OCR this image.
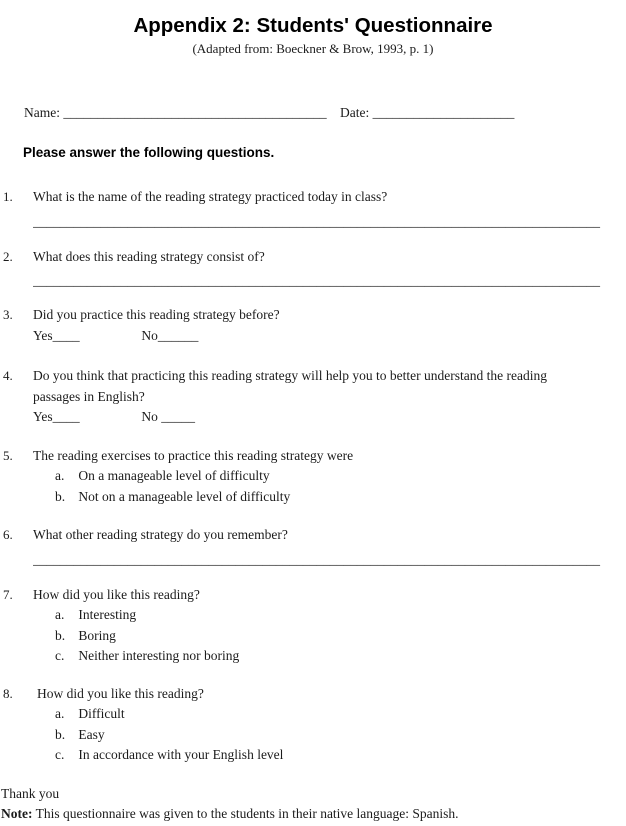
Appendix 2: Students' Questionnaire
(Adapted from: Boeckner & Brow, 1993, p. 1)
Name: _______________________________________ Date: _____________________
Please answer the following questions.
1.	What is the name of the reading strategy practiced today in class?
____________________________________________________________________________________
2.	What does this reading strategy consist of?
____________________________________________________________________________________
3.	Did you practice this reading strategy before?
Yes____	No______
4.	Do you think that practicing this reading strategy will help you to better understand the reading
passages in English?
Yes____	No _____
5.	The reading exercises to practice this reading strategy were
a. On a manageable level of difficulty
b. Not on a manageable level of difficulty
6.	What other reading strategy do you remember?
____________________________________________________________________________________
7.	How did you like this reading?
a. Interesting
b. Boring
c. Neither interesting nor boring
8.	How did you like this reading?
a. Difficult
b. Easy
c. In accordance with your English level
Thank you
Note: This questionnaire was given to the students in their native language: Spanish.
